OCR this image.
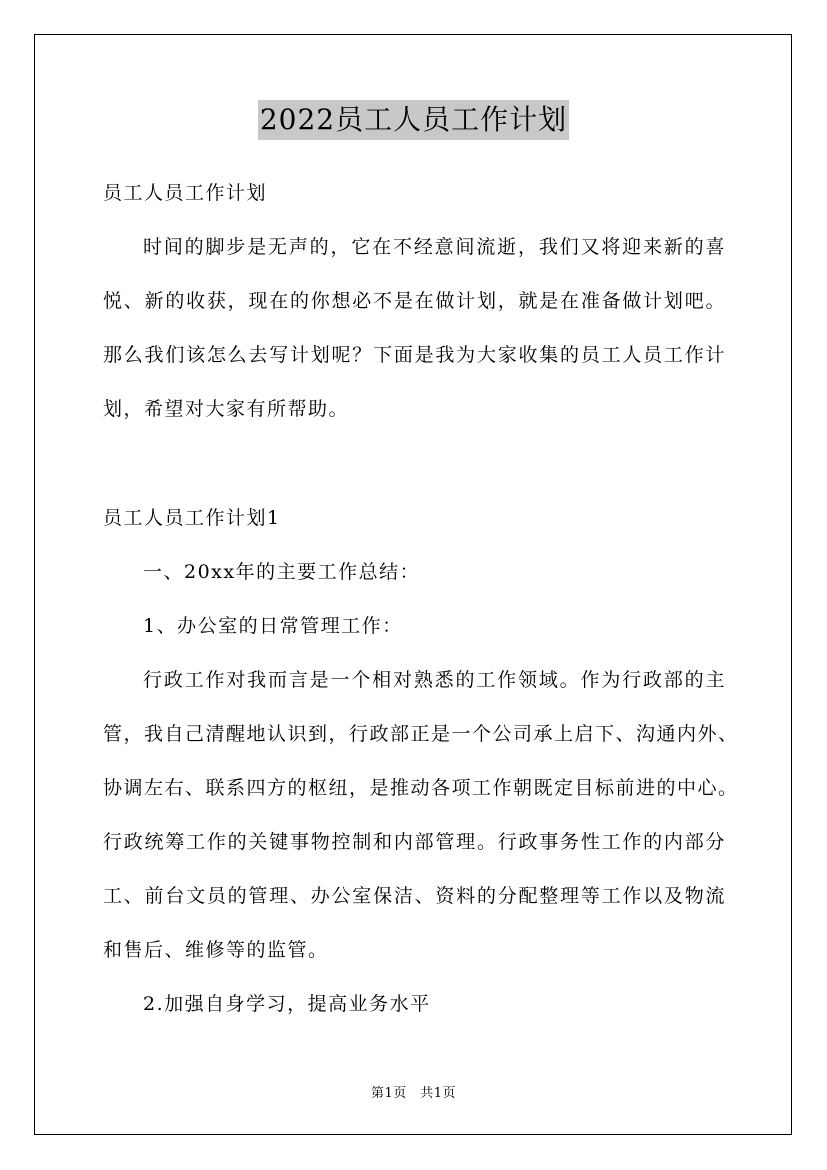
2022员工人员工作计划
员工人员工作计划
时间的脚步是无声的，它在不经意间流逝，我们又将迎来新的喜
悦、新的收获，现在的你想必不是在做计划，就是在准备做计划吧。
那么我们该怎么去写计划呢？下面是我为大家收集的员工人员工作计
划，希望对大家有所帮助。
员工人员工作计划1
一、20xx年的主要工作总结：
1、办公室的日常管理工作：
行政工作对我而言是一个相对熟悉的工作领域。作为行政部的主
管，我自己清醒地认识到，行政部正是一个公司承上启下、沟通内外、
协调左右、联系四方的枢纽，是推动各项工作朝既定目标前进的中心。
行政统筹工作的关键事物控制和内部管理。行政事务性工作的内部分
工、前台文员的管理、办公室保洁、资料的分配整理等工作以及物流
和售后、维修等的监管。
2.加强自身学习，提高业务水平
第1页　共1页
